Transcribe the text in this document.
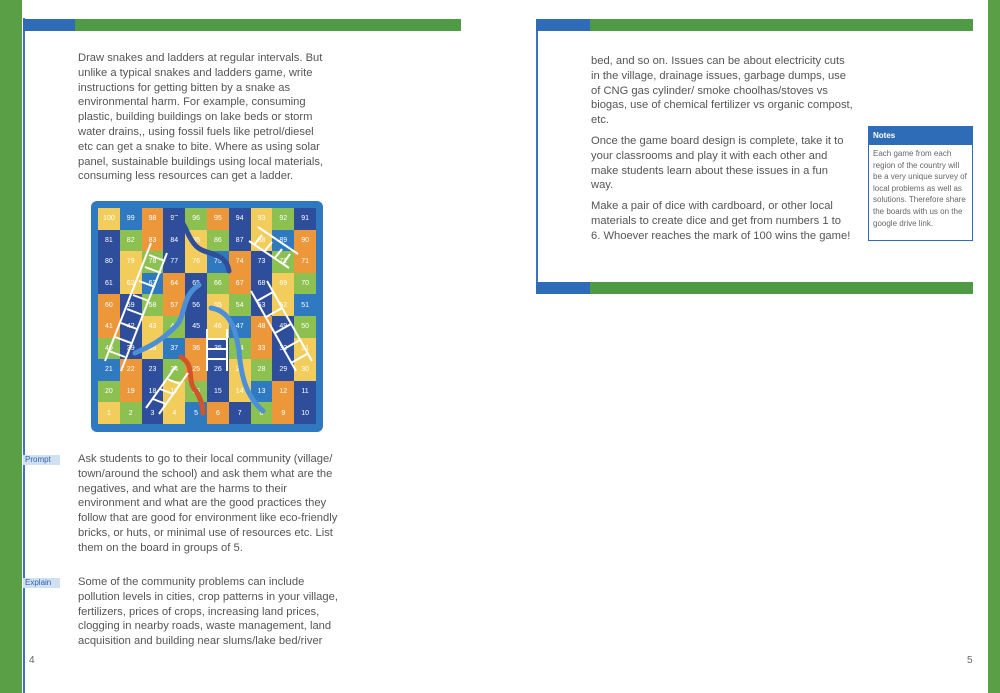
Draw snakes and ladders at regular intervals. But unlike a typical snakes and ladders game, write instructions for getting bitten by a snake as environmental harm. For example, consuming plastic, building buildings on lake beds or storm water drains,, using fossil fuels like petrol/diesel etc can get a snake to bite. Where as using solar panel, sustainable buildings using local materials, consuming less resources can get a ladder.
100	99	98	97	96	95	94	93	92	91
81	82	83	84	85	86	87	88	89	90
80	79	78	77	76	75	74	73	72	71
61	62	63	64	65	66	67	68	69	70
60	59	58	57	56	55	54	53	52	51
41	42	43	44	45	46	47	48	49	50
40	39	38	37	36	35	34	33	32	31
21	22	23	24	25	26	27	28	29	30
20	19	18	17	16	15	14	13	12	11
1	2	3	4	5	6	7	8	9	10
Prompt	Ask students to go to their local community (village/ town/around the school) and ask them what are the negatives, and what are the harms to their environment and what are the good practices they follow that are good for environment like eco-friendly bricks, or huts, or minimal use of resources etc. List them on the board in groups of 5.
Explain	Some of the community problems can include pollution levels in cities, crop patterns in your village, fertilizers, prices of crops, increasing land prices, clogging in nearby roads, waste management, land acquisition and building near slums/lake bed/river
4

bed, and so on. Issues can be about electricity cuts in the village, drainage issues, garbage dumps, use of CNG gas cylinder/ smoke choolhas/stoves vs biogas, use of chemical fertilizer vs organic compost, etc.

Once the game board design is complete, take it to your classrooms and play it with each other and make students learn about these issues in a fun way.

Make a pair of dice with cardboard, or other local materials to create dice and get from numbers 1 to 6. Whoever reaches the mark of 100 wins the game!

Notes
Each game from each region of the country will be a very unique survey of local problems as well as solutions. Therefore share the boards with us on the google drive link.
5
